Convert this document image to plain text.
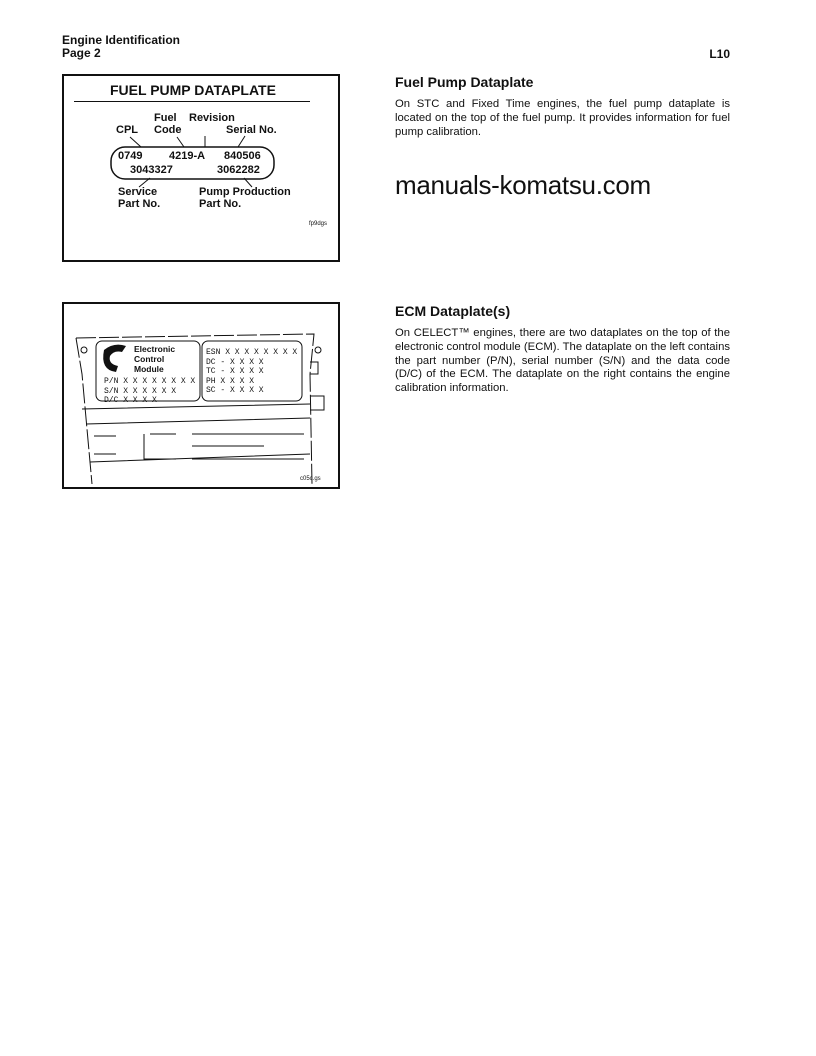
Engine Identification
Page 2	L10
FUEL PUMP DATAPLATE
Fuel
Code
Revision
CPL	Serial No.
0749 4219-A 840506
3043327	3062282
Service
Part No.
Pump Production
Part No.
fp9dgs
Electronic
Control
Module
P/N X X X X X X X X
S/N X X X X X X
D/C X X X X
ESN X X X X X X X X
DC - X X X X
TC - X X X X
PH X X X X
SC - X X X X
c05c.gs
Fuel Pump Dataplate

On STC and Fixed Time engines, the fuel pump dataplate is located on the top of the fuel pump. It provides information for fuel pump calibration.

manuals-komatsu.com
ECM Dataplate(s)

On CELECT™ engines, there are two dataplates on the top of the electronic control module (ECM). The dataplate on the left contains the part number (P/N), serial number (S/N) and the data code (D/C) of the ECM. The dataplate on the right contains the engine calibration information.
